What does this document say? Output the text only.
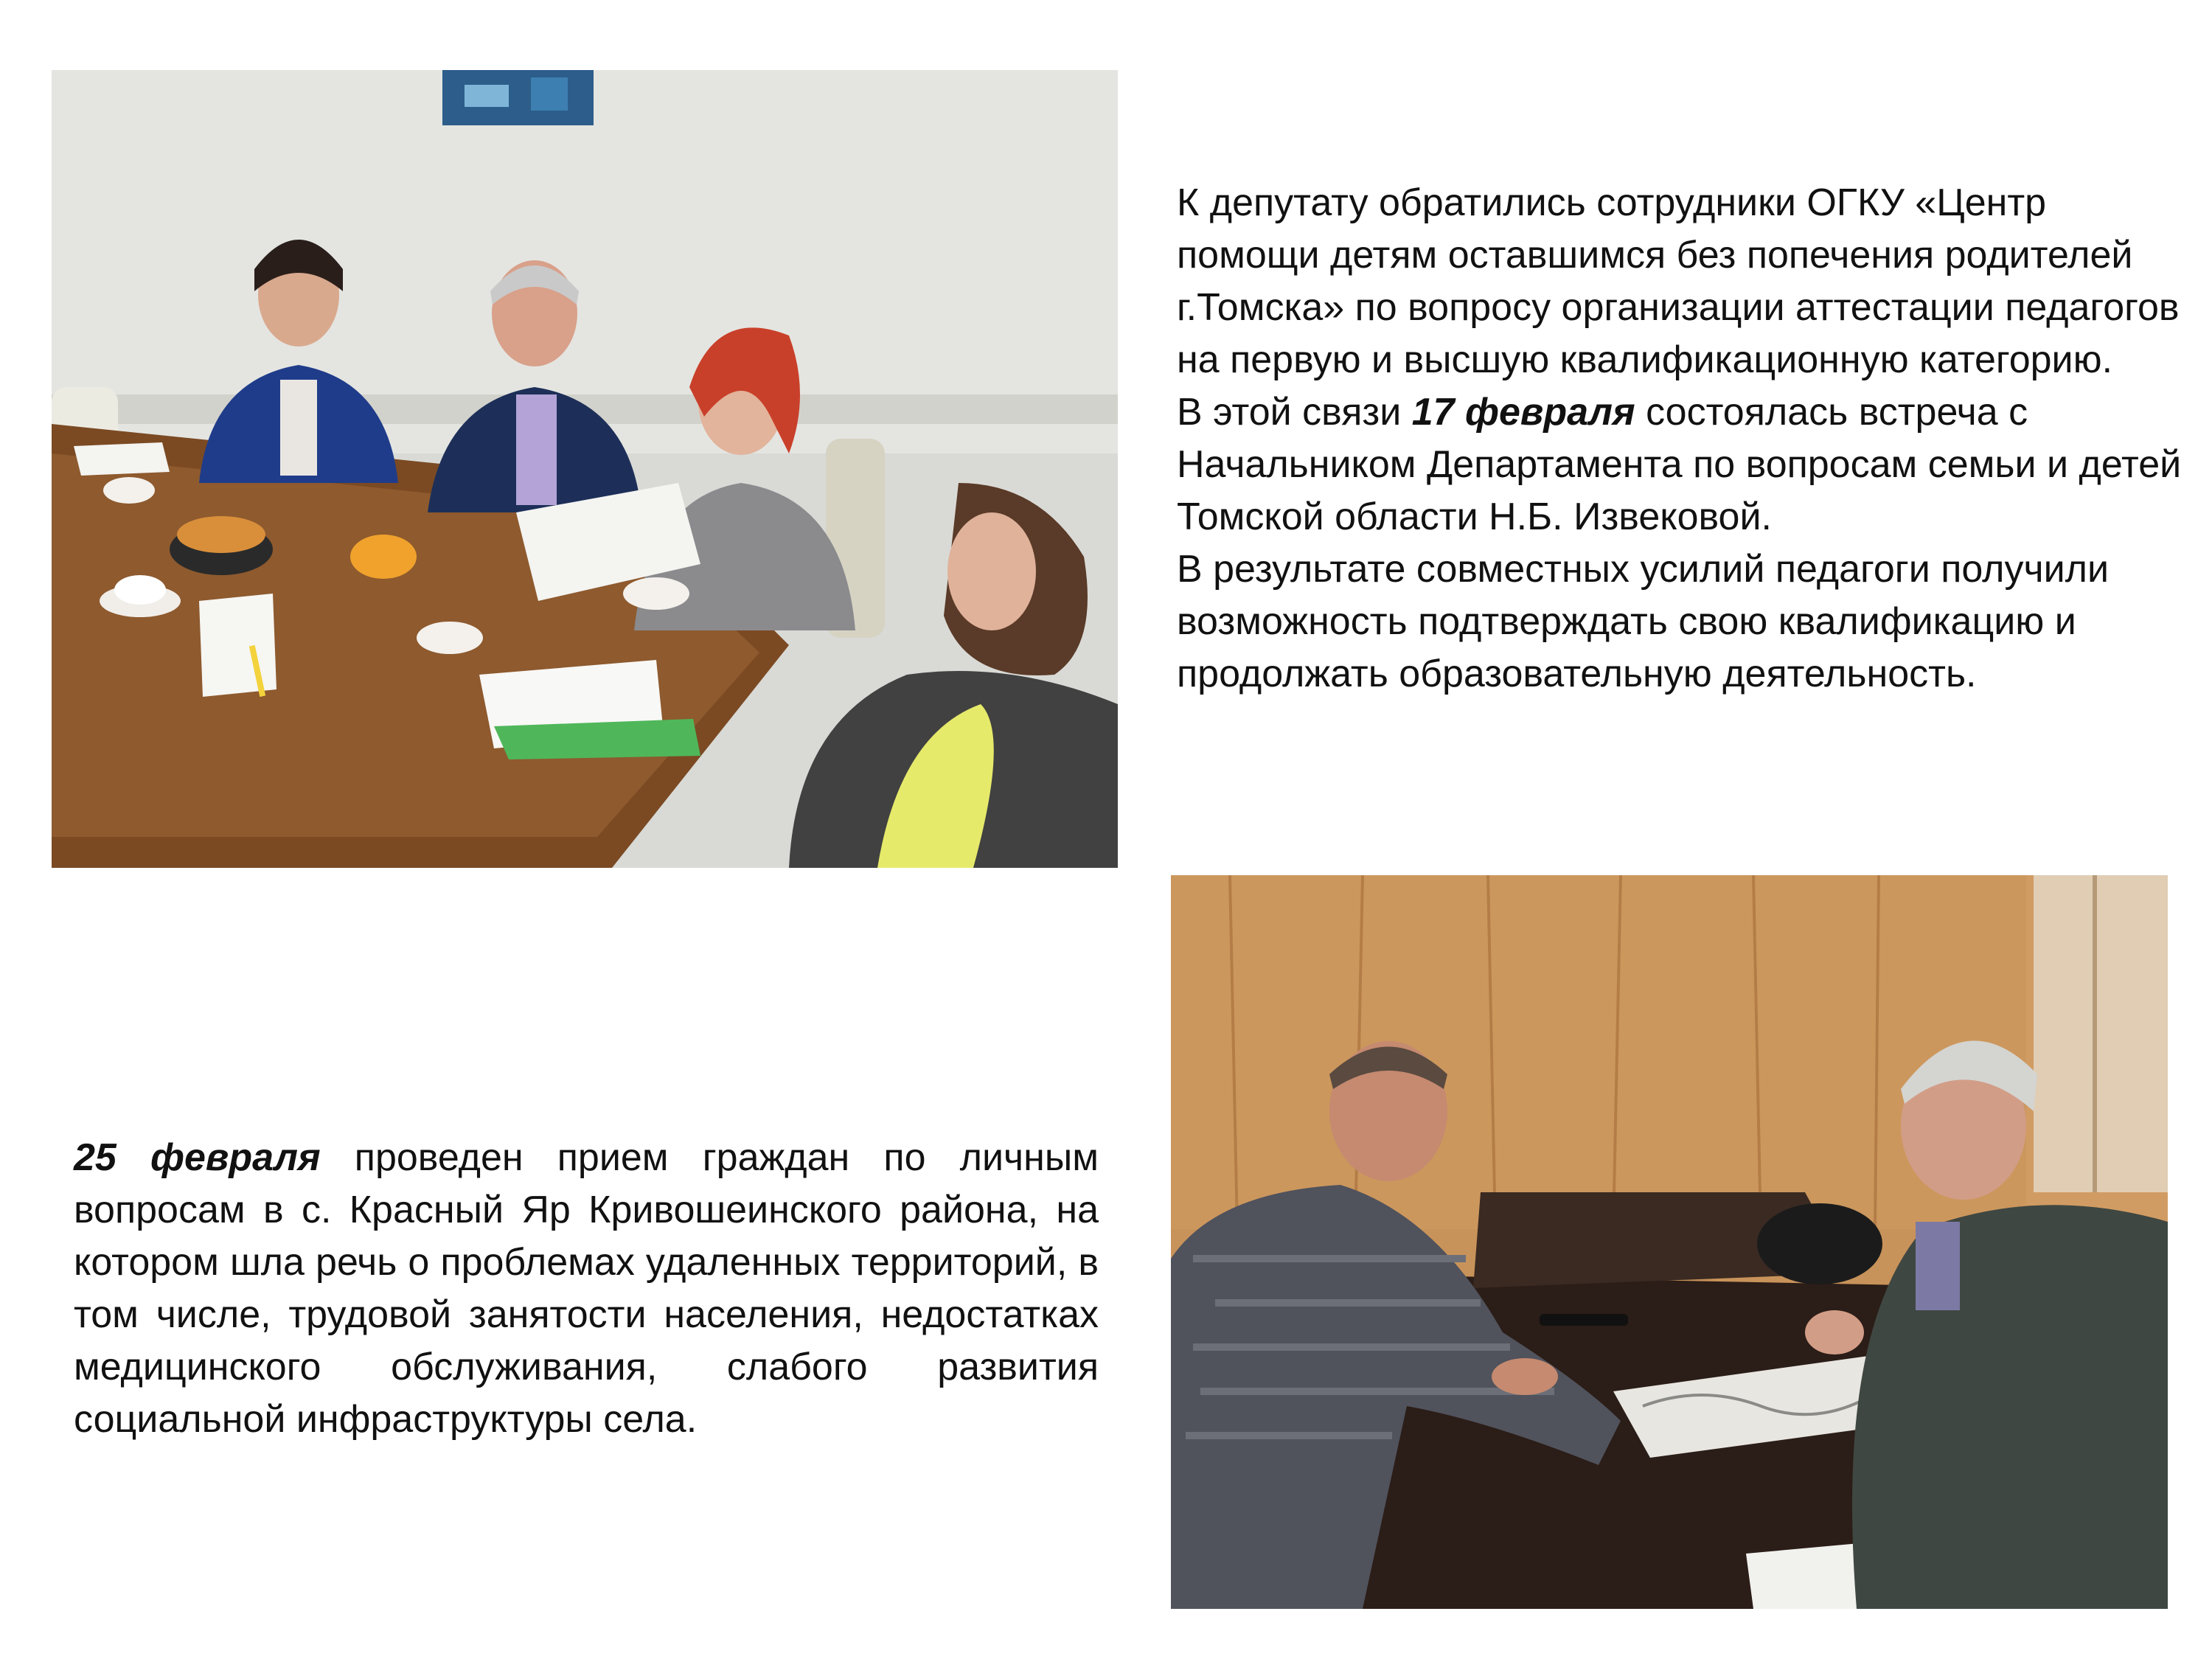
К депутату обратились сотрудники ОГКУ «Центр помощи детям оставшимся без попечения родителей г.Томска» по вопросу организации аттестации педагогов на первую и высшую квалификационную категорию.

В этой связи 17 февраля состоялась встреча с Начальником Департамента по вопросам семьи и детей Томской области Н.Б. Извековой.

В результате совместных усилий педагоги получили возможность подтверждать свою квалификацию и продолжать образовательную деятельность.

25 февраля проведен прием граждан по личным вопросам в с. Красный Яр Кривошеинского района, на котором шла речь о проблемах удаленных территорий, в том числе, трудовой занятости населения, недостатках медицинского обслуживания, слабого развития социальной инфраструктуры села.
